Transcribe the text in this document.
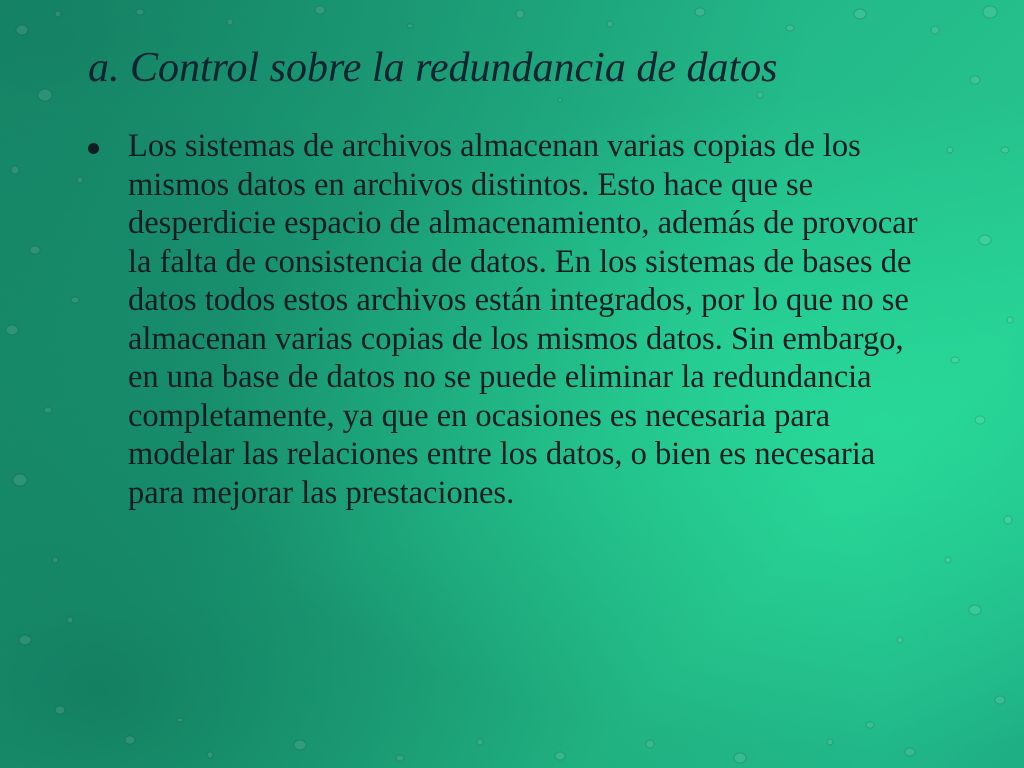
a. Control sobre la redundancia de datos
Los sistemas de archivos almacenan varias copias de los mismos datos en archivos distintos. Esto hace que se desperdicie espacio de almacenamiento, además de provocar la falta de consistencia de datos. En los sistemas de bases de datos todos estos archivos están integrados, por lo que no se almacenan varias copias de los mismos datos. Sin embargo, en una base de datos no se puede eliminar la redundancia completamente, ya que en ocasiones es necesaria para modelar las relaciones entre los datos, o bien es necesaria para mejorar las prestaciones.
